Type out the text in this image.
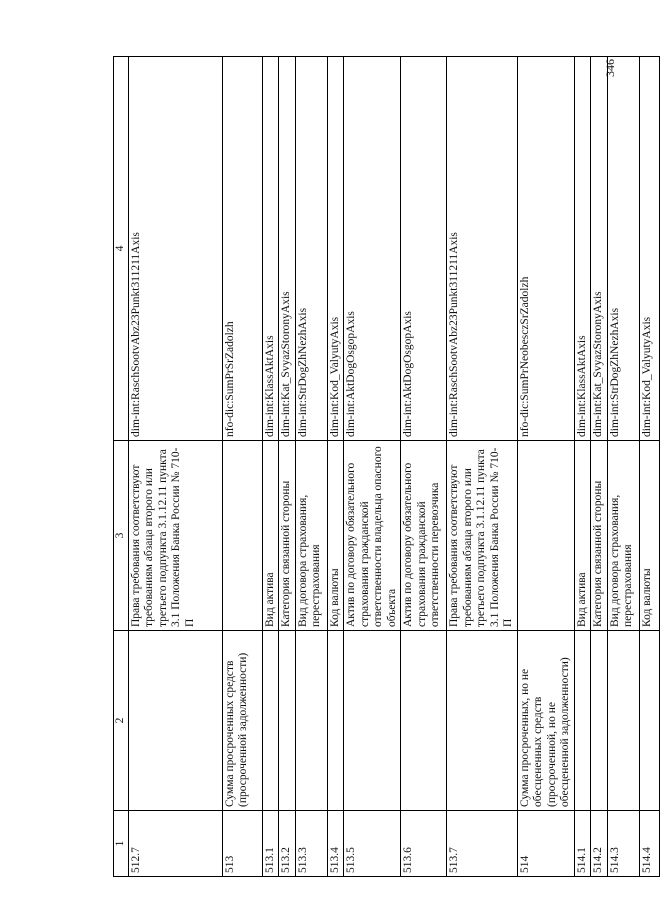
346
1	2	3	4
512.7		Права требования соответствуют требованиям абзаца второго или третьего подпункта 3.1.12.11 пункта 3.1 Положения Банка России № 710-П	dim-int:RaschSootvAbz23Punkt311211Axis
513	Сумма просроченных средств (просроченной задолженности)		nfo-dic:SumPrSrZadolzh
513.1		Вид актива	dim-int:KlassAktAxis
513.2		Категория связанной стороны	dim-int:Kat_SvyazStoronyAxis
513.3		Вид договора страхования, перестрахования	dim-int:StrDogZhNezhAxis
513.4		Код валюты	dim-int:Kod_ValyutyAxis
513.5		Актив по договору обязательного страхования гражданской ответственности владельца опасного объекта	dim-int:AktDogOsgopAxis
513.6		Актив по договору обязательного страхования гражданской ответственности перевозчика	dim-int:AktDogOsgopAxis
513.7		Права требования соответствуют требованиям абзаца второго или третьего подпункта 3.1.12.11 пункта 3.1 Положения Банка России № 710-П	dim-int:RaschSootvAbz23Punkt311211Axis
514	Сумма просроченных, но не обесцененных средств (просроченной, но не обесцененной задолженности)		nfo-dic:SumPrNeobesczSrZadolzh
514.1		Вид актива	dim-int:KlassAktAxis
514.2		Категория связанной стороны	dim-int:Kat_SvyazStoronyAxis
514.3		Вид договора страхования, перестрахования	dim-int:StrDogZhNezhAxis
514.4		Код валюты	dim-int:Kod_ValyutyAxis
